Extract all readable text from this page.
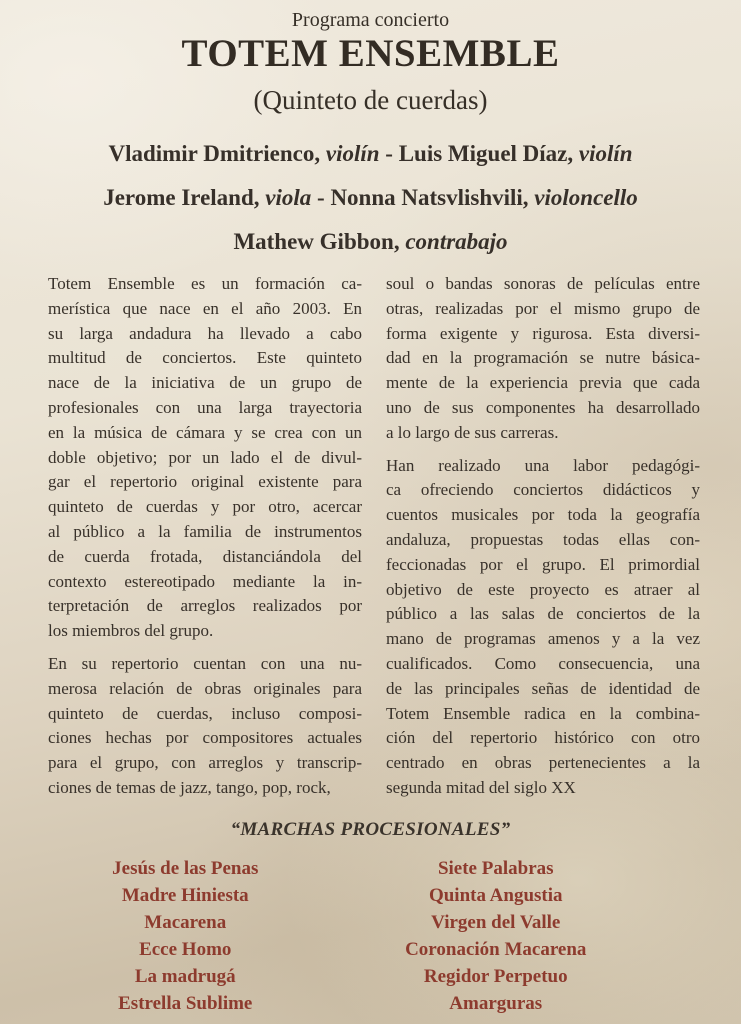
Programa concierto
TOTEM ENSEMBLE
(Quinteto de cuerdas)
Vladimir Dmitrienco, violín - Luis Miguel Díaz, violín
Jerome Ireland, viola - Nonna Natsvlishvili, violoncello
Mathew Gibbon, contrabajo
Totem Ensemble es un formación ca-
merística que nace en el año 2003. En
su larga andadura ha llevado a cabo
multitud de conciertos. Este quinteto
nace de la iniciativa de un grupo de
profesionales con una larga trayectoria
en la música de cámara y se crea con un
doble objetivo; por un lado el de divul-
gar el repertorio original existente para
quinteto de cuerdas y por otro, acercar
al público a la familia de instrumentos
de cuerda frotada, distanciándola del
contexto estereotipado mediante la in-
terpretación de arreglos realizados por
los miembros del grupo.
En su repertorio cuentan con una nu-
merosa relación de obras originales para
quinteto de cuerdas, incluso composi-
ciones hechas por compositores actuales
para el grupo, con arreglos y transcrip-
ciones de temas de jazz, tango, pop, rock,
soul o bandas sonoras de películas entre
otras, realizadas por el mismo grupo de
forma exigente y rigurosa. Esta diversi-
dad en la programación se nutre básica-
mente de la experiencia previa que cada
uno de sus componentes ha desarrollado
a lo largo de sus carreras.
Han realizado una labor pedagógi-
ca ofreciendo conciertos didácticos y
cuentos musicales por toda la geografía
andaluza, propuestas todas ellas con-
feccionadas por el grupo. El primordial
objetivo de este proyecto es atraer al
público a las salas de conciertos de la
mano de programas amenos y a la vez
cualificados. Como consecuencia, una
de las principales señas de identidad de
Totem Ensemble radica en la combina-
ción del repertorio histórico con otro
centrado en obras pertenecientes a la
segunda mitad del siglo XX
“MARCHAS PROCESIONALES”
Jesús de las Penas
Madre Hiniesta
Macarena
Ecce Homo
La madrugá
Estrella Sublime
Siete Palabras
Quinta Angustia
Virgen del Valle
Coronación Macarena
Regidor Perpetuo
Amarguras
